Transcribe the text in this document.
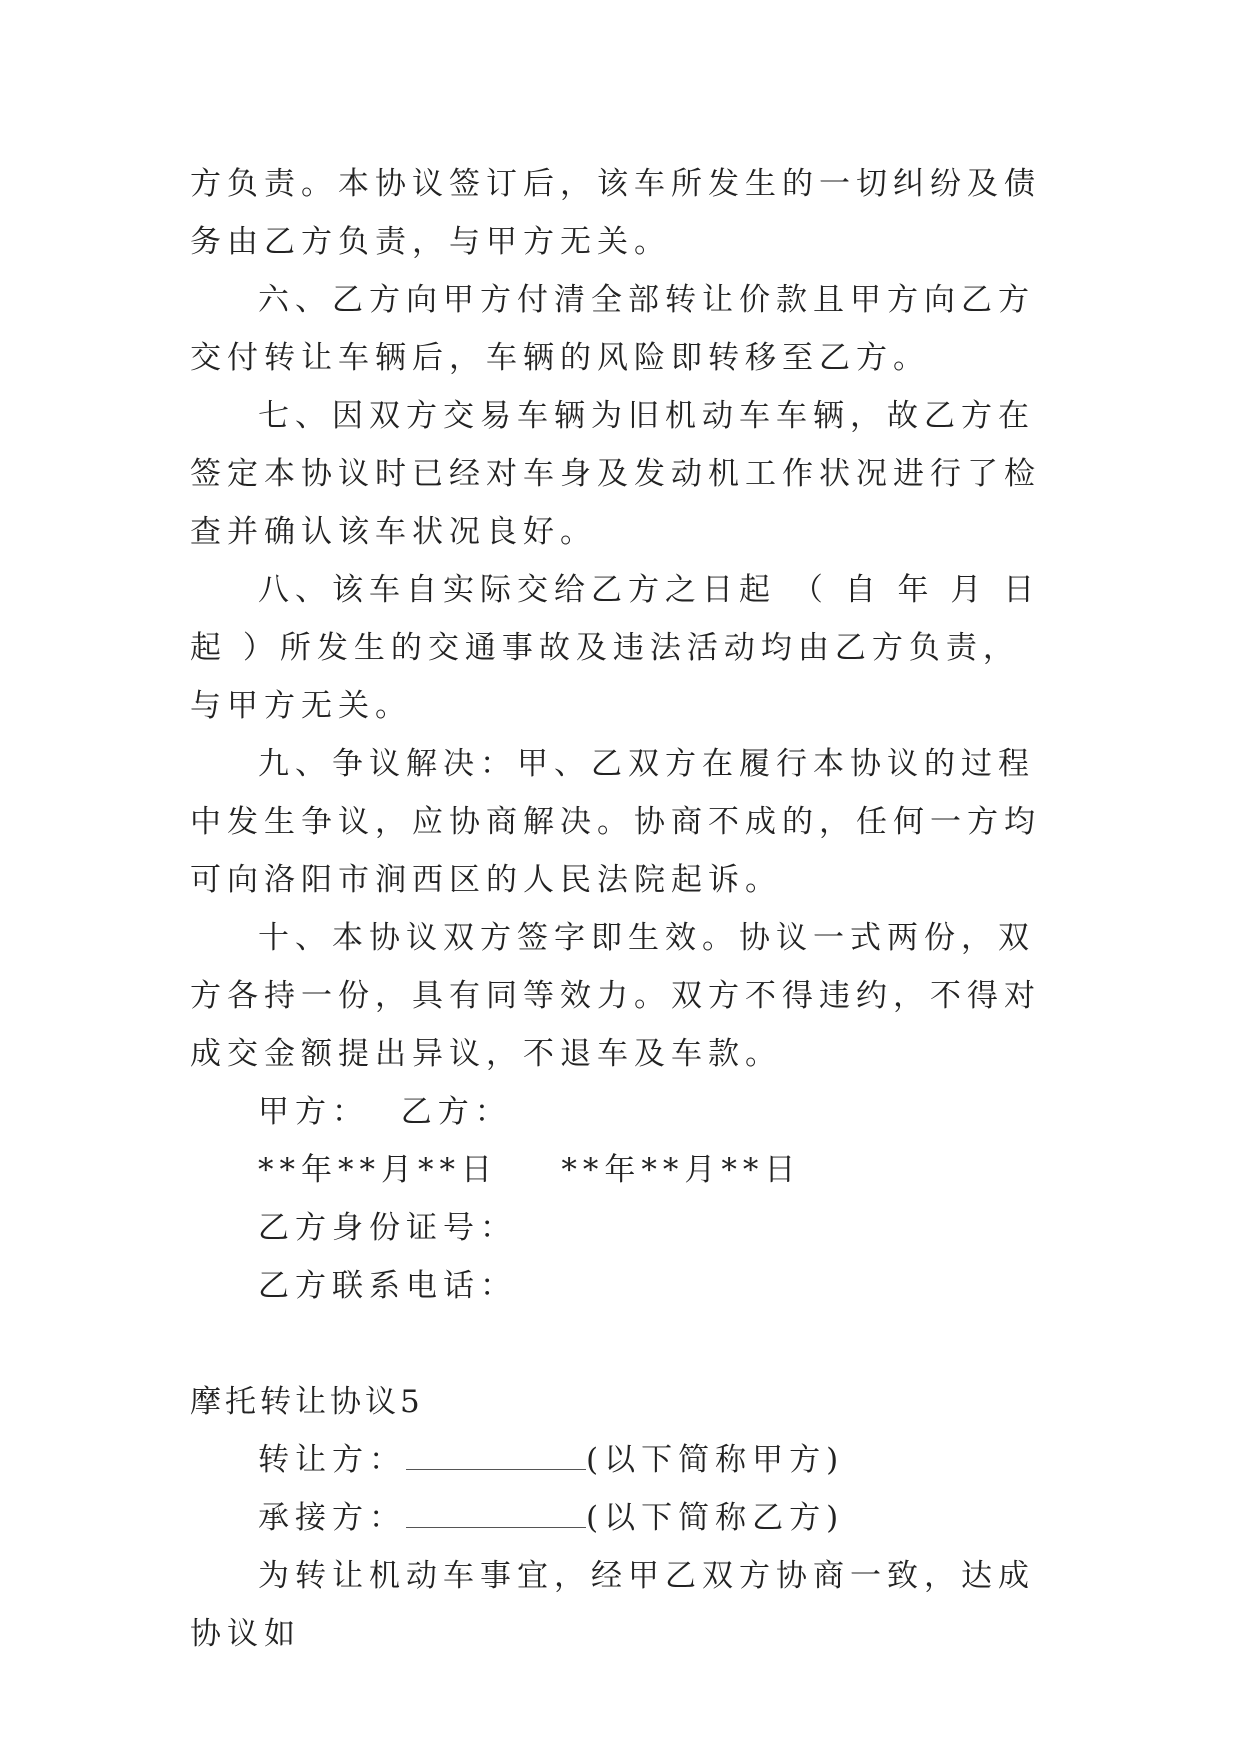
方负责。本协议签订后，该车所发生的一切纠纷及债务由乙方负责，与甲方无关。

六、乙方向甲方付清全部转让价款且甲方向乙方交付转让车辆后，车辆的风险即转移至乙方。

七、因双方交易车辆为旧机动车车辆，故乙方在签定本协议时已经对车身及发动机工作状况进行了检查并确认该车状况良好。

八、该车自实际交给乙方之日起 （ 自 年 月 日起 ）所发生的交通事故及违法活动均由乙方负责，与甲方无关。

九、争议解决：甲、乙双方在履行本协议的过程中发生争议，应协商解决。协商不成的，任何一方均可向洛阳市涧西区的人民法院起诉。

十、本协议双方签字即生效。协议一式两份，双方各持一份，具有同等效力。双方不得违约，不得对成交金额提出异议，不退车及车款。

甲方：  乙方：

**年**月**日    **年**月**日

乙方身份证号：

乙方联系电话：

摩托转让协议5

转让方：	(以下简称甲方)

承接方：	(以下简称乙方)

为转让机动车事宜，经甲乙双方协商一致，达成协议如
